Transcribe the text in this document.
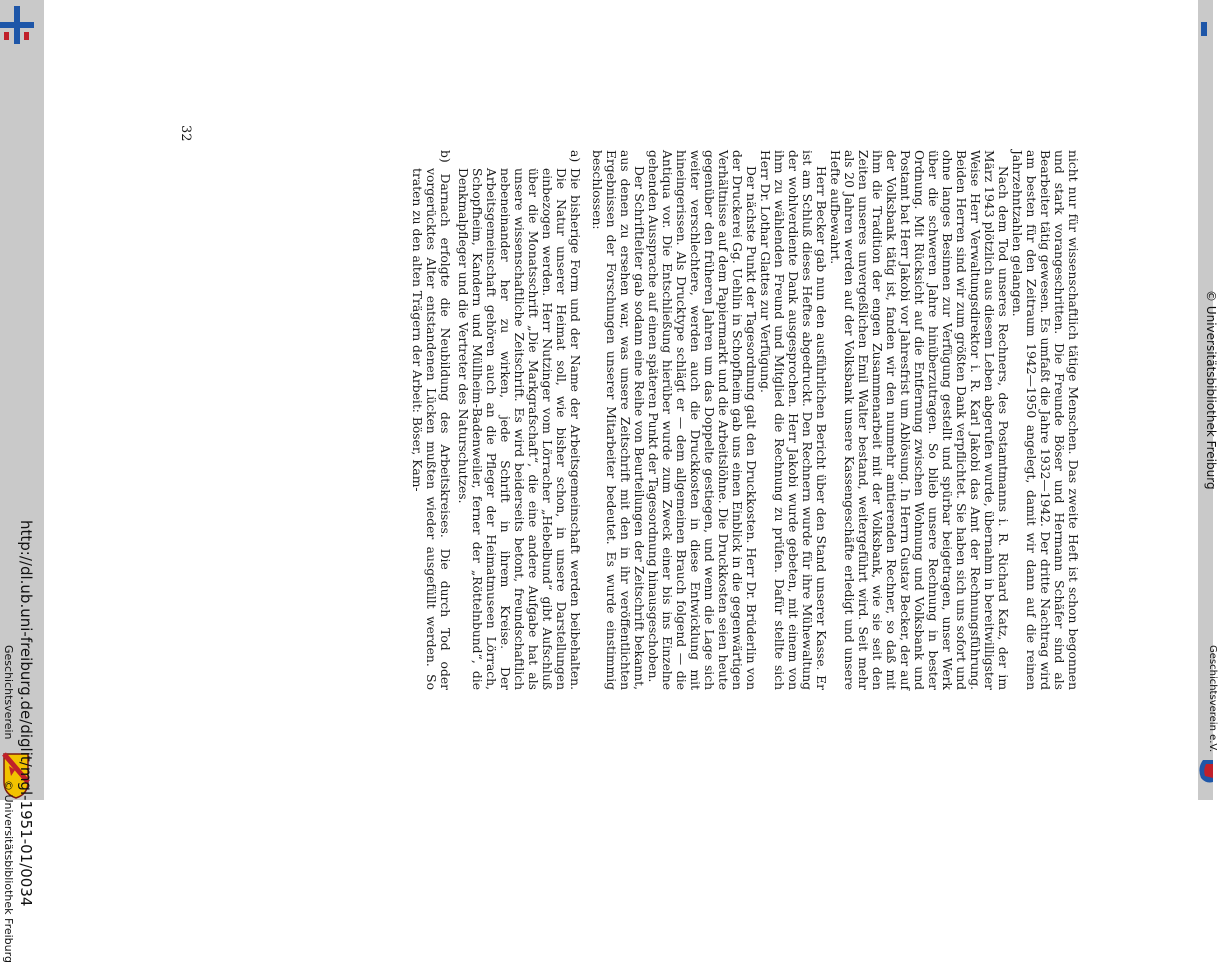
http://dl.ub.uni-freiburg.de/diglit/mgl-1951-01/0034
© Universitätsbibliothek Freiburg
Geschichtsverein
© Universitätsbibliothek Freiburg
Geschichtsverein e.V.

nicht nur für wissenschaftlich tätige Menschen. Das zweite Heft ist schon begonnen und stark vorangeschritten. Die Freunde Böser und Hermann Schäfer sind als Bearbeiter tätig gewesen. Es umfaßt die Jahre 1932—1942. Der dritte Nachtrag wird am besten für den Zeitraum 1942—1950 angelegt, damit wir dann auf die reinen Jahrzehntzahlen gelangen.

Nach dem Tod unseres Rechners, des Postamtmanns i. R. Richard Katz, der im März 1943 plötzlich aus diesem Leben abgerufen wurde, übernahm in bereitwilligster Weise Herr Verwaltungsdirektor i. R. Karl Jakobi das Amt der Rechnungsführung. Beiden Herren sind wir zum größten Dank verpflichtet. Sie haben sich uns sofort und ohne langes Besinnen zur Verfügung gestellt und spürbar beigetragen, unser Werk über die schweren Jahre hinüberzutragen. So blieb unsere Rechnung in bester Ordnung. Mit Rücksicht auf die Entfernung zwischen Wohnung und Volksbank und Postamt bat Herr Jakobi vor Jahresfrist um Ablösung. In Herrn Gustav Becker, der auf der Volksbank tätig ist, fanden wir den nunmehr amtierenden Rechner, so daß mit ihm die Tradition der engen Zusammenarbeit mit der Volksbank, wie sie seit den Zeiten unseres unvergeßlichen Emil Walter bestand, weitergeführt wird. Seit mehr als 20 Jahren werden auf der Volksbank unsere Kassengeschäfte erledigt und unsere Hefte aufbewahrt.

Herr Becker gab nun den ausführlichen Bericht über den Stand unserer Kasse. Er ist am Schluß dieses Heftes abgedruckt. Den Rechnern wurde für ihre Mühewaltung der wohlverdiente Dank ausgesprochen. Herr Jakobi wurde gebeten, mit einem von ihm zu wählenden Freund und Mitglied die Rechnung zu prüfen. Dafür stellte sich Herr Dr. Lothar Glattes zur Verfügung.

Der nächste Punkt der Tagesordnung galt den Druckkosten. Herr Dr. Brüderlin von der Druckerei Gg. Uehlin in Schopfheim gab uns einen Einblick in die gegenwärtigen Verhältnisse auf dem Papiermarkt und die Arbeitslöhne. Die Druckkosten seien heute gegenüber den früheren Jahren um das Doppelte gestiegen, und wenn die Lage sich weiter verschlechtere, werden auch die Druckkosten in diese Entwicklung mit hineingerissen. Als Drucktype schlägt er — dem allgemeinen Brauch folgend — die Antiqua vor. Die Entschließung hierüber wurde zum Zweck einer bis ins Einzelne gehenden Aussprache auf einen späteren Punkt der Tagesordnung hinausgeschoben.

Der Schriftleiter gab sodann eine Reihe von Beurteilungen der Zeitschrift bekannt, aus denen zu ersehen war, was unsere Zeitschrift mit den in ihr veröffentlichten Ergebnissen der Forschungen unserer Mitarbeiter bedeutet. Es wurde einstimmig beschlossen:

a) Die bisherige Form und der Name der Arbeitsgemeinschaft werden beibehalten. Die Natur unserer Heimat soll, wie bisher schon, in unsere Darstellungen einbezogen werden. Herr Nutzinger vom Lörracher „Hebelbund“ gibt Aufschluß über die Monatsschrift „Die Markgrafschaft“, die eine andere Aufgabe hat als unsere wissenschaftliche Zeitschrift. Es wird beiderseits betont, freundschaftlich nebeneinander her zu wirken, jede Schrift in ihrem Kreise. Der Arbeitsgemeinschaft gehören auch an die Pfleger der Heimatmuseen Lörrach, Schopfheim, Kandern und Müllheim-Badenweiler, ferner der „Röttelnbund“, die Denkmalpfleger und die Vertreter des Naturschutzes.

b) Darnach erfolgte die Neubildung des Arbeitskreises. Die durch Tod oder vorgerücktes Alter entstandenen Lücken mußten wieder ausgefüllt werden. So traten zu den alten Trägern der Arbeit: Böser, Kam-

32
